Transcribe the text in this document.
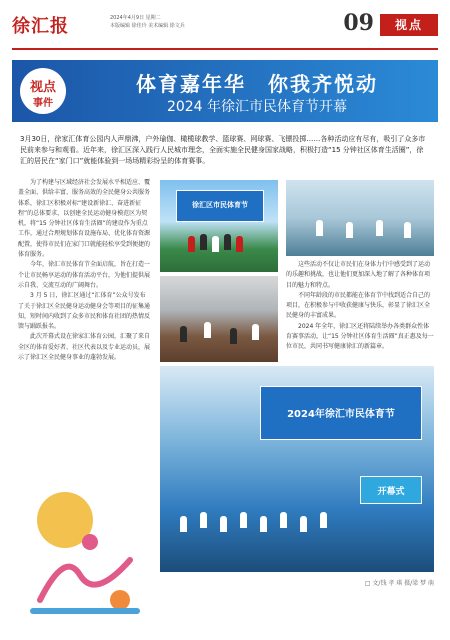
徐汇报	2024年4月9日 星期二
本版编辑 徐佳玲 美术编辑 徐文兵	09	视点
视点
事件
体育嘉年华　你我齐悦动
2024 年徐汇市民体育节开幕

3月30日，徐家汇体育公园内人声鼎沸，户外瑜伽、橄榄球教学、篮球赛、网球赛、飞镖投掷……各种活动应有尽有，吸引了众多市民前来参与和观看。近年来，徐汇区深入践行人民城市理念，全面实施全民健身国家战略，积极打造“15 分钟社区体育生活圈”，徐汇的居民在“家门口”就能体验到一场场精彩纷呈的体育赛事。

为了构建与区域经济社会发展水平相适应、覆盖全面、供给丰富、服务高效的全民健身公共服务体系，徐汇区积极对标“建设新徐汇、奋进新征程”的总体要求，以创建全民运动健身模范区为契机，将“15 分钟社区体育生活圈”的建设作为重点工作，通过合理规划体育设施布局、优化体育资源配置，使得市民们在家门口就能轻松享受到便捷的体育服务。

今年，徐汇市民体育节全面启航，旨在打造一个让市民畅享运动的体育活动平台，为他们提供展示自我、交流互动的广阔舞台。

3 月 5 日，徐汇区通过“汇体育”公众号发布了关于徐汇区全民健身运动健身会等项目的征集通知，短时间内收到了众多市民和体育社团的热情反馈与踊跃报名。

此次开幕式设在徐家汇体育公园，汇聚了来自全区的体育爱好者、社区代表以及专业运动员，展示了徐汇区全民健身事业的蓬勃发展。

徐汇区市民体育节

这些活动不仅让市民们在身体力行中感受到了运动的乐趣和挑战，也让他们更加深入地了解了各种体育项目的魅力和特点。

不同年龄段的市民都能在体育节中找到适合自己的项目，在积极参与中收获健康与快乐，彰显了徐汇区全民健身的丰富成果。

2024 年全年，徐汇区还将陆续举办各类群众性体育赛事活动，让“15 分钟社区体育生活圈”真正惠及每一位市民，共同书写健康徐汇的新篇章。

2024年徐汇市民体育节
开幕式
□ 文/钱 孝 琪 摄/梁 梦 萌
